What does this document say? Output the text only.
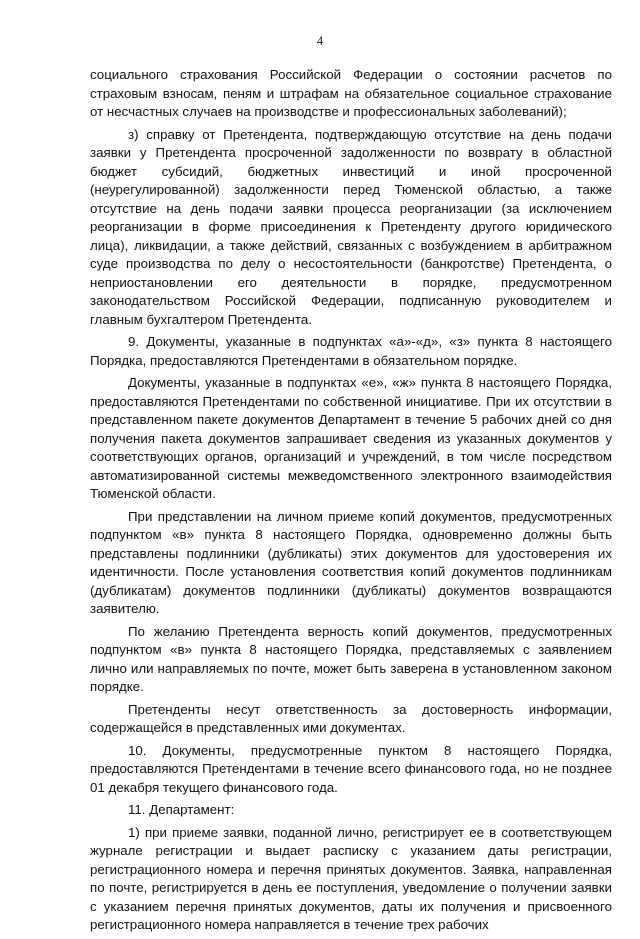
4

социального страхования Российской Федерации о состоянии расчетов по страховым взносам, пеням и штрафам на обязательное социальное страхование от несчастных случаев на производстве и профессиональных заболеваний);

з) справку от Претендента, подтверждающую отсутствие на день подачи заявки у Претендента просроченной задолженности по возврату в областной бюджет субсидий, бюджетных инвестиций и иной просроченной (неурегулированной) задолженности перед Тюменской областью, а также отсутствие на день подачи заявки процесса реорганизации (за исключением реорганизации в форме присоединения к Претенденту другого юридического лица), ликвидации, а также действий, связанных с возбуждением в арбитражном суде производства по делу о несостоятельности (банкротстве) Претендента, о неприостановлении его деятельности в порядке, предусмотренном законодательством Российской Федерации, подписанную руководителем и главным бухгалтером Претендента.

9. Документы, указанные в подпунктах «а»-«д», «з» пункта 8 настоящего Порядка, предоставляются Претендентами в обязательном порядке.

Документы, указанные в подпунктах «е», «ж» пункта 8 настоящего Порядка, предоставляются Претендентами по собственной инициативе. При их отсутствии в представленном пакете документов Департамент в течение 5 рабочих дней со дня получения пакета документов запрашивает сведения из указанных документов у соответствующих органов, организаций и учреждений, в том числе посредством автоматизированной системы межведомственного электронного взаимодействия Тюменской области.

При представлении на личном приеме копий документов, предусмотренных подпунктом «в» пункта 8 настоящего Порядка, одновременно должны быть представлены подлинники (дубликаты) этих документов для удостоверения их идентичности. После установления соответствия копий документов подлинникам (дубликатам) документов подлинники (дубликаты) документов возвращаются заявителю.

По желанию Претендента верность копий документов, предусмотренных подпунктом «в» пункта 8 настоящего Порядка, представляемых с заявлением лично или направляемых по почте, может быть заверена в установленном законом порядке.

Претенденты несут ответственность за достоверность информации, содержащейся в представленных ими документах.

10. Документы, предусмотренные пунктом 8 настоящего Порядка, предоставляются Претендентами в течение всего финансового года, но не позднее 01 декабря текущего финансового года.

11. Департамент:

1) при приеме заявки, поданной лично, регистрирует ее в соответствующем журнале регистрации и выдает расписку с указанием даты регистрации, регистрационного номера и перечня принятых документов. Заявка, направленная по почте, регистрируется в день ее поступления, уведомление о получении заявки с указанием перечня принятых документов, даты их получения и присвоенного регистрационного номера направляется в течение трех рабочих
